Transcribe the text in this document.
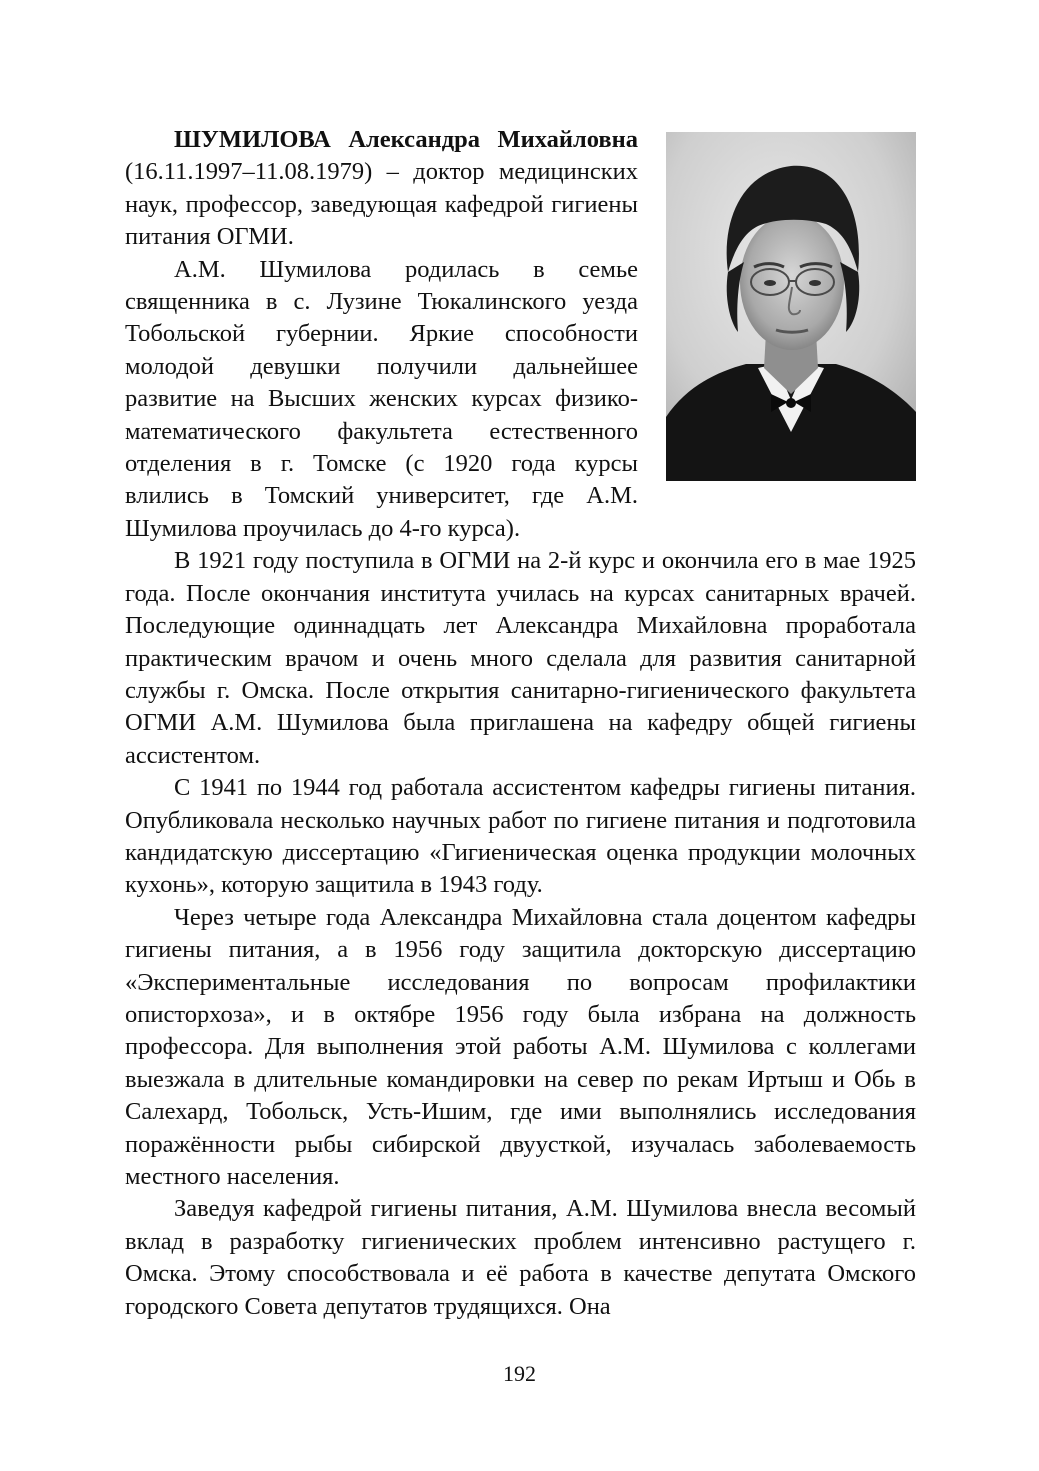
ШУМИЛОВА Александра Михайловна (16.11.1997–11.08.1979) – доктор медицинских наук, профессор, заведующая кафедрой гигиены питания ОГМИ.

А.М. Шумилова родилась в семье священника в с. Лузине Тюкалинского уезда Тобольской губернии. Яркие способности молодой девушки получили дальнейшее развитие на Высших женских курсах физико-математического факультета естественного отделения в г. Томске (с 1920 года курсы влились в Томский университет, где А.М. Шумилова проучилась до 4-го курса).

В 1921 году поступила в ОГМИ на 2-й курс и окончила его в мае 1925 года. После окончания института училась на курсах санитарных врачей. Последующие одиннадцать лет Александра Михайловна проработала практическим врачом и очень много сделала для развития санитарной службы г. Омска. После открытия санитарно-гигиенического факультета ОГМИ А.М. Шумилова была приглашена на кафедру общей гигиены ассистентом.

С 1941 по 1944 год работала ассистентом кафедры гигиены питания. Опубликовала несколько научных работ по гигиене питания и подготовила кандидатскую диссертацию «Гигиеническая оценка продукции молочных кухонь», которую защитила в 1943 году.

Через четыре года Александра Михайловна стала доцентом кафедры гигиены питания, а в 1956 году защитила докторскую диссертацию «Экспериментальные исследования по вопросам профилактики описторхоза», и в октябре 1956 году была избрана на должность профессора. Для выполнения этой работы А.М. Шумилова с коллегами выезжала в длительные командировки на север по рекам Иртыш и Обь в Салехард, Тобольск, Усть-Ишим, где ими выполнялись исследования поражённости рыбы сибирской двуусткой, изучалась заболеваемость местного населения.

Заведуя кафедрой гигиены питания, А.М. Шумилова внесла весомый вклад в разработку гигиенических проблем интенсивно растущего г. Омска. Этому способствовала и её работа в качестве депутата Омского городского Совета депутатов трудящихся. Она

192
